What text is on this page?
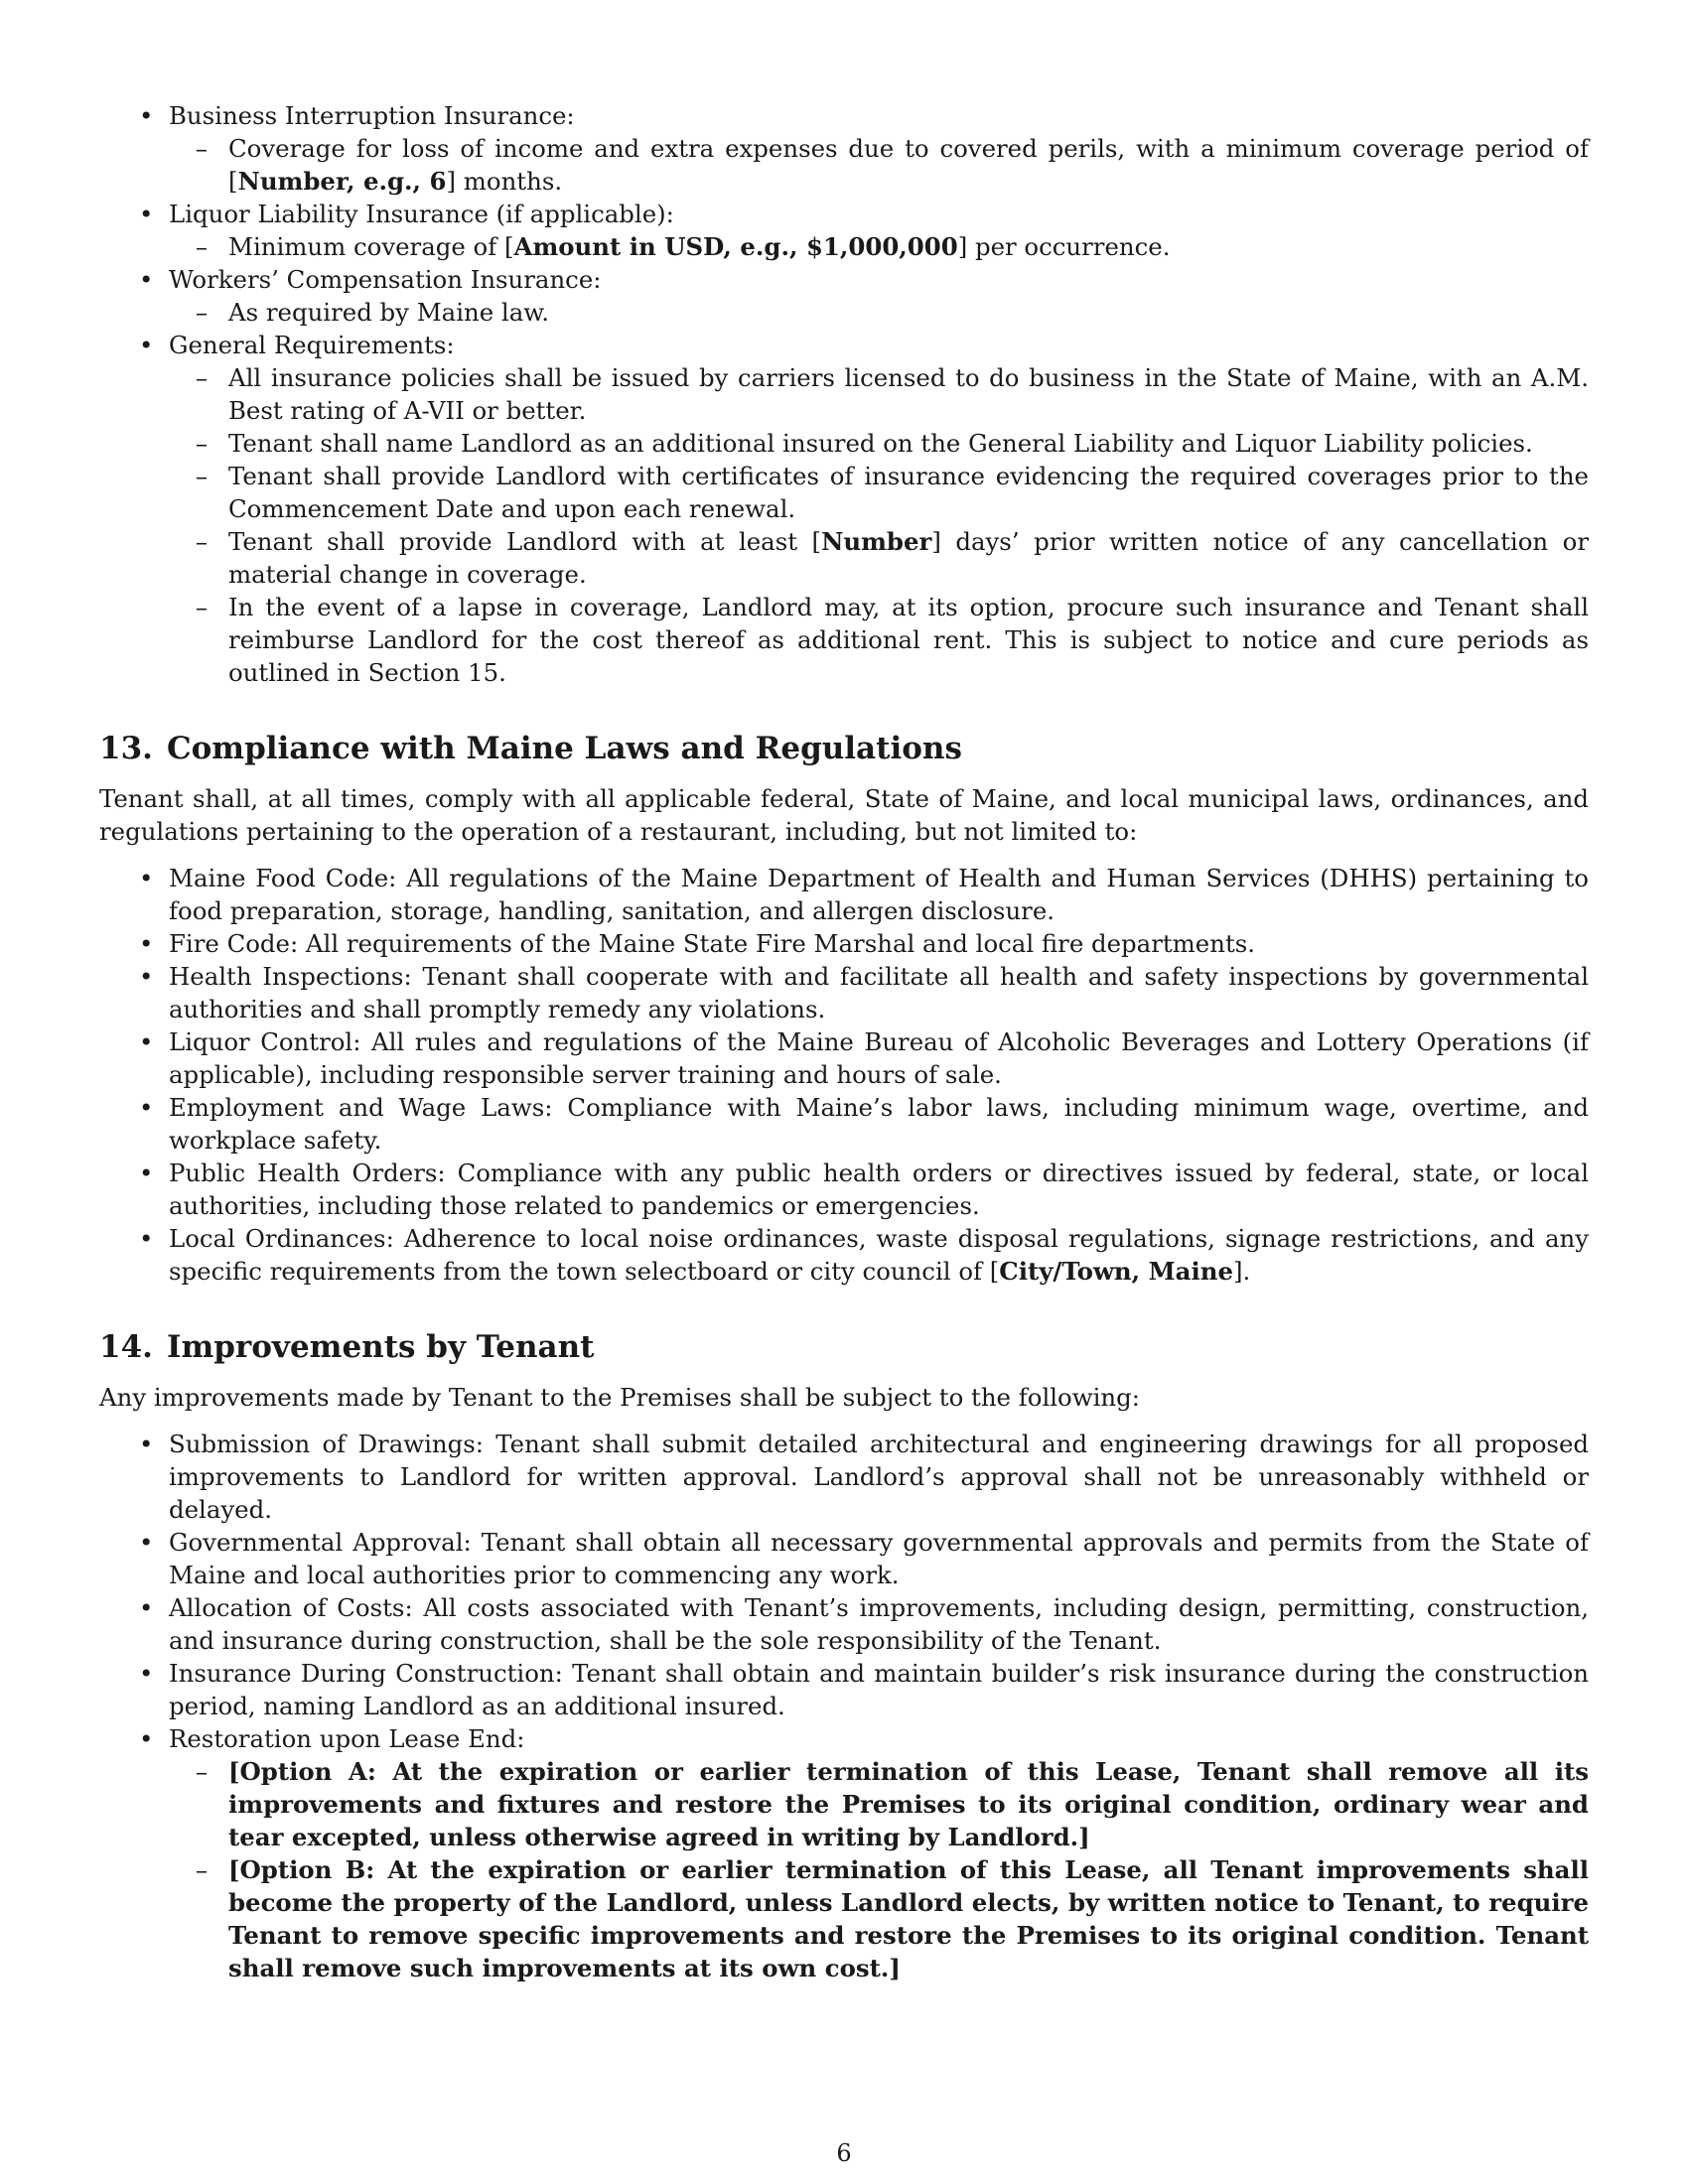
• Business Interruption Insurance:
– Coverage for loss of income and extra expenses due to covered perils, with a minimum coverage period of [Number, e.g., 6] months.
• Liquor Liability Insurance (if applicable):
– Minimum coverage of [Amount in USD, e.g., $1,000,000] per occurrence.
• Workers’ Compensation Insurance:
– As required by Maine law.
• General Requirements:
– All insurance policies shall be issued by carriers licensed to do business in the State of Maine, with an A.M. Best rating of A-VII or better.
– Tenant shall name Landlord as an additional insured on the General Liability and Liquor Liability policies.
– Tenant shall provide Landlord with certificates of insurance evidencing the required coverages prior to the Commencement Date and upon each renewal.
– Tenant shall provide Landlord with at least [Number] days’ prior written notice of any cancellation or material change in coverage.
– In the event of a lapse in coverage, Landlord may, at its option, procure such insurance and Tenant shall reimburse Landlord for the cost thereof as additional rent. This is subject to notice and cure periods as outlined in Section 15.
13. Compliance with Maine Laws and Regulations

Tenant shall, at all times, comply with all applicable federal, State of Maine, and local municipal laws, ordinances, and regulations pertaining to the operation of a restaurant, including, but not limited to:

• Maine Food Code: All regulations of the Maine Department of Health and Human Services (DHHS) pertaining to food preparation, storage, handling, sanitation, and allergen disclosure.
• Fire Code: All requirements of the Maine State Fire Marshal and local fire departments.
• Health Inspections: Tenant shall cooperate with and facilitate all health and safety inspections by governmental authorities and shall promptly remedy any violations.
• Liquor Control: All rules and regulations of the Maine Bureau of Alcoholic Beverages and Lottery Operations (if applicable), including responsible server training and hours of sale.
• Employment and Wage Laws: Compliance with Maine’s labor laws, including minimum wage, overtime, and workplace safety.
• Public Health Orders: Compliance with any public health orders or directives issued by federal, state, or local authorities, including those related to pandemics or emergencies.
• Local Ordinances: Adherence to local noise ordinances, waste disposal regulations, signage restrictions, and any specific requirements from the town selectboard or city council of [City/Town, Maine].
14. Improvements by Tenant

Any improvements made by Tenant to the Premises shall be subject to the following:

• Submission of Drawings: Tenant shall submit detailed architectural and engineering drawings for all proposed improvements to Landlord for written approval. Landlord’s approval shall not be unreasonably withheld or delayed.
• Governmental Approval: Tenant shall obtain all necessary governmental approvals and permits from the State of Maine and local authorities prior to commencing any work.
• Allocation of Costs: All costs associated with Tenant’s improvements, including design, permitting, construction, and insurance during construction, shall be the sole responsibility of the Tenant.
• Insurance During Construction: Tenant shall obtain and maintain builder’s risk insurance during the construction period, naming Landlord as an additional insured.
• Restoration upon Lease End:
– [Option A: At the expiration or earlier termination of this Lease, Tenant shall remove all its improvements and fixtures and restore the Premises to its original condition, ordinary wear and tear excepted, unless otherwise agreed in writing by Landlord.]
– [Option B: At the expiration or earlier termination of this Lease, all Tenant improvements shall become the property of the Landlord, unless Landlord elects, by written notice to Tenant, to require Tenant to remove specific improvements and restore the Premises to its original condition. Tenant shall remove such improvements at its own cost.]
6
